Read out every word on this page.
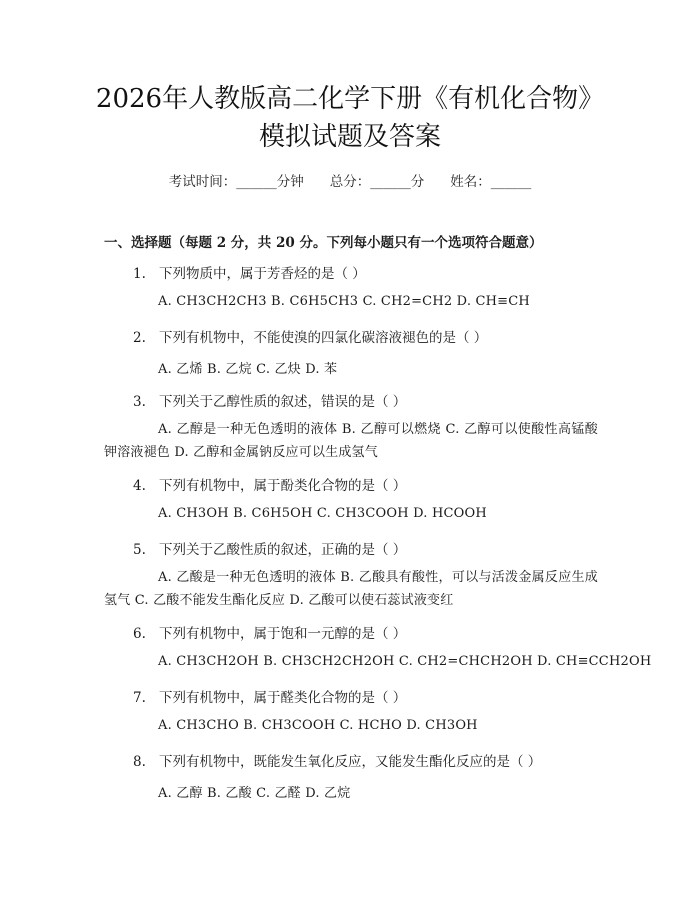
2026年人教版高二化学下册《有机化合物》
模拟试题及答案
考试时间：______分钟 总分：______分 姓名：______
一、选择题（每题 2 分，共 20 分。下列每小题只有一个选项符合题意）
1. 下列物质中，属于芳香烃的是（ ）
A. CH3CH2CH3 B. C6H5CH3 C. CH2=CH2 D. CH≡CH
2. 下列有机物中，不能使溴的四氯化碳溶液褪色的是（ ）
A. 乙烯 B. 乙烷 C. 乙炔 D. 苯
3. 下列关于乙醇性质的叙述，错误的是（ ）
A. 乙醇是一种无色透明的液体 B. 乙醇可以燃烧 C. 乙醇可以使酸性高锰酸钾溶液褪色 D. 乙醇和金属钠反应可以生成氢气
4. 下列有机物中，属于酚类化合物的是（ ）
A. CH3OH B. C6H5OH C. CH3COOH D. HCOOH
5. 下列关于乙酸性质的叙述，正确的是（ ）
A. 乙酸是一种无色透明的液体 B. 乙酸具有酸性，可以与活泼金属反应生成氢气 C. 乙酸不能发生酯化反应 D. 乙酸可以使石蕊试液变红
6. 下列有机物中，属于饱和一元醇的是（ ）
A. CH3CH2OH B. CH3CH2CH2OH C. CH2=CHCH2OH D. CH≡CCH2OH
7. 下列有机物中，属于醛类化合物的是（ ）
A. CH3CHO B. CH3COOH C. HCHO D. CH3OH
8. 下列有机物中，既能发生氧化反应，又能发生酯化反应的是（ ）
A. 乙醇 B. 乙酸 C. 乙醛 D. 乙烷
